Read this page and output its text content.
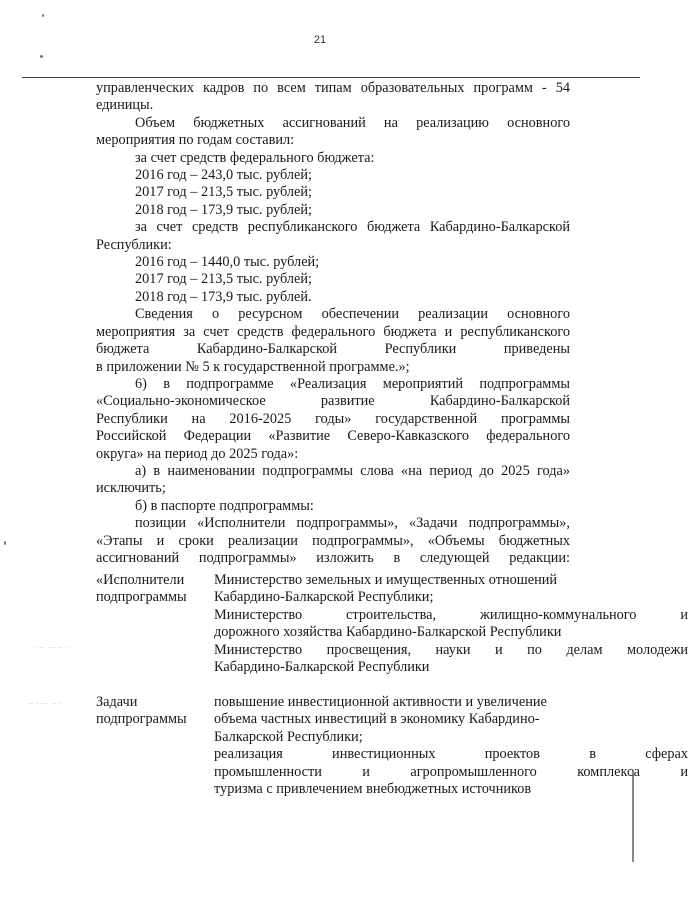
21
· ·· ····· ·
·· ···· ·· ·

управленческих кадров по всем типам образовательных программ - 54

единицы.

Объем бюджетных ассигнований на реализацию основного

мероприятия по годам составил:

за счет средств федерального бюджета:

2016 год – 243,0 тыс. рублей;

2017 год – 213,5 тыс. рублей;

2018 год – 173,9 тыс. рублей;

за счет средств республиканского бюджета Кабардино-Балкарской

Республики:

2016 год – 1440,0 тыс. рублей;

2017 год – 213,5 тыс. рублей;

2018 год – 173,9 тыс. рублей.

Сведения о ресурсном обеспечении реализации основного

мероприятия за счет средств федерального бюджета и республиканского

бюджета Кабардино-Балкарской Республики приведены

в приложении № 5 к государственной программе.»;

6) в подпрограмме «Реализация мероприятий подпрограммы

«Социально-экономическое развитие Кабардино-Балкарской

Республики на 2016-2025 годы» государственной программы

Российской Федерации «Развитие Северо-Кавказского федерального

округа» на период до 2025 года»:

а) в наименовании подпрограммы слова «на период до 2025 года»

исключить;

б) в паспорте подпрограммы:

позиции «Исполнители подпрограммы», «Задачи подпрограммы»,

«Этапы и сроки реализации подпрограммы», «Объемы бюджетных

ассигнований подпрограммы» изложить в следующей редакции:

«Исполнители
подпрограммы

Министерство земельных и имущественных отношений

Кабардино-Балкарской Республики;

Министерство строительства, жилищно-коммунального и

дорожного хозяйства Кабардино-Балкарской Республики

Министерство просвещения, науки и по делам молодежи

Кабардино-Балкарской Республики

Задачи
подпрограммы

повышение инвестиционной активности и увеличение

объема частных инвестиций в экономику Кабардино-

Балкарской Республики;

реализация инвестиционных проектов в сферах

промышленности и агропромышленного комплекса и

туризма с привлечением внебюджетных источников
